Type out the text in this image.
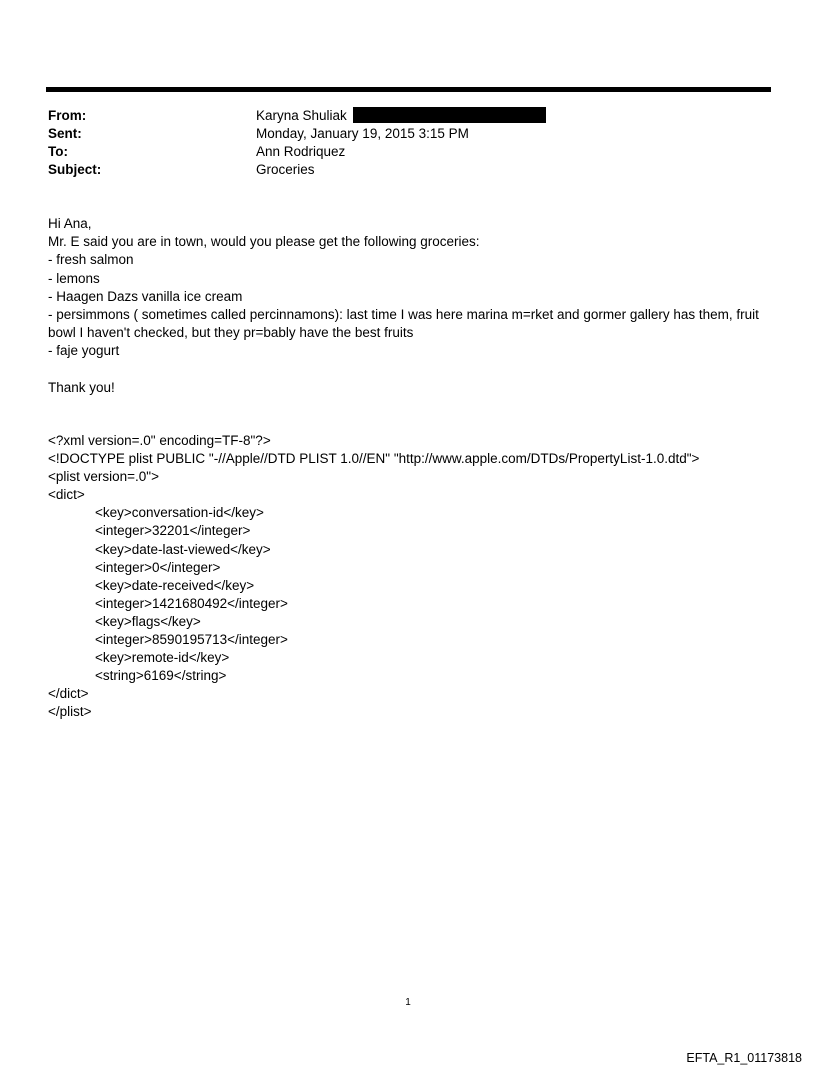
From:	Karyna Shuliak
Sent:	Monday, January 19, 2015 3:15 PM
To:	Ann Rodriquez
Subject:	Groceries
Hi Ana,
Mr. E said you are in town, would you please get the following groceries:
- fresh salmon
- lemons
- Haagen Dazs vanilla ice cream
- persimmons ( sometimes called percinnamons): last time I was here marina m=rket and gormer gallery has them, fruit bowl I haven't checked, but they pr=bably have the best fruits
- faje yogurt
Thank you!
<?xml version=.0" encoding=TF-8"?>
<!DOCTYPE plist PUBLIC "-//Apple//DTD PLIST 1.0//EN" "http://www.apple.com/DTDs/PropertyList-1.0.dtd">
<plist version=.0">
<dict>
<key>conversation-id</key>
<integer>32201</integer>
<key>date-last-viewed</key>
<integer>0</integer>
<key>date-received</key>
<integer>1421680492</integer>
<key>flags</key>
<integer>8590195713</integer>
<key>remote-id</key>
<string>6169</string>
</dict>
</plist>
1
EFTA_R1_01173818
